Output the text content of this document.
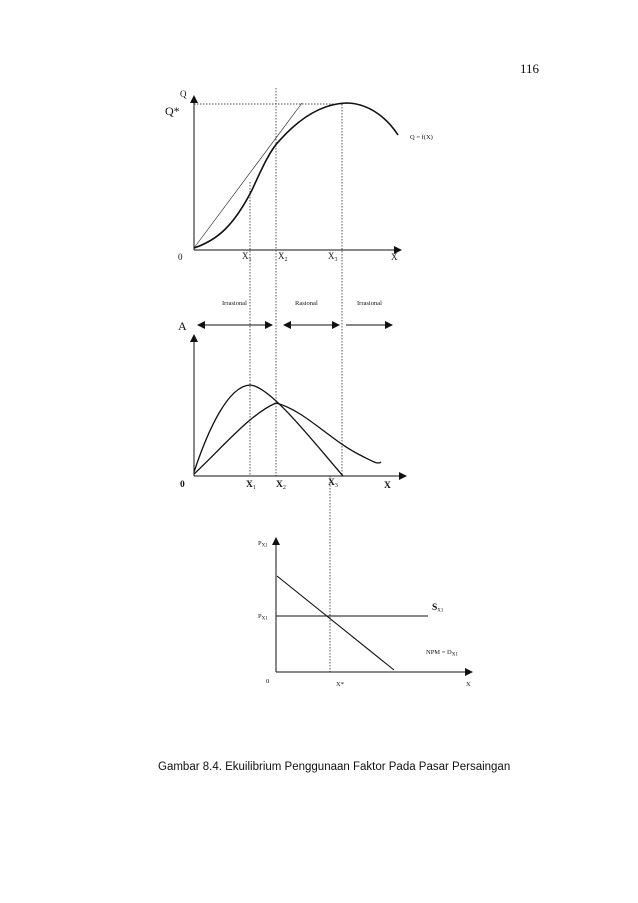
116
Q
Q*
Q = f(X)
0	X
$X_1$	$X_2$	$X_3$
Irrasional	Rasional	Irrasional
A
0	X
$X_1$ $X_2$	$X_3$
$P_{X1}$
$P_{X1}$
SX1
NPM = $D_{X1}$
0	X*	X
Gambar 8.4. Ekuilibrium Penggunaan Faktor Pada Pasar Persaingan
